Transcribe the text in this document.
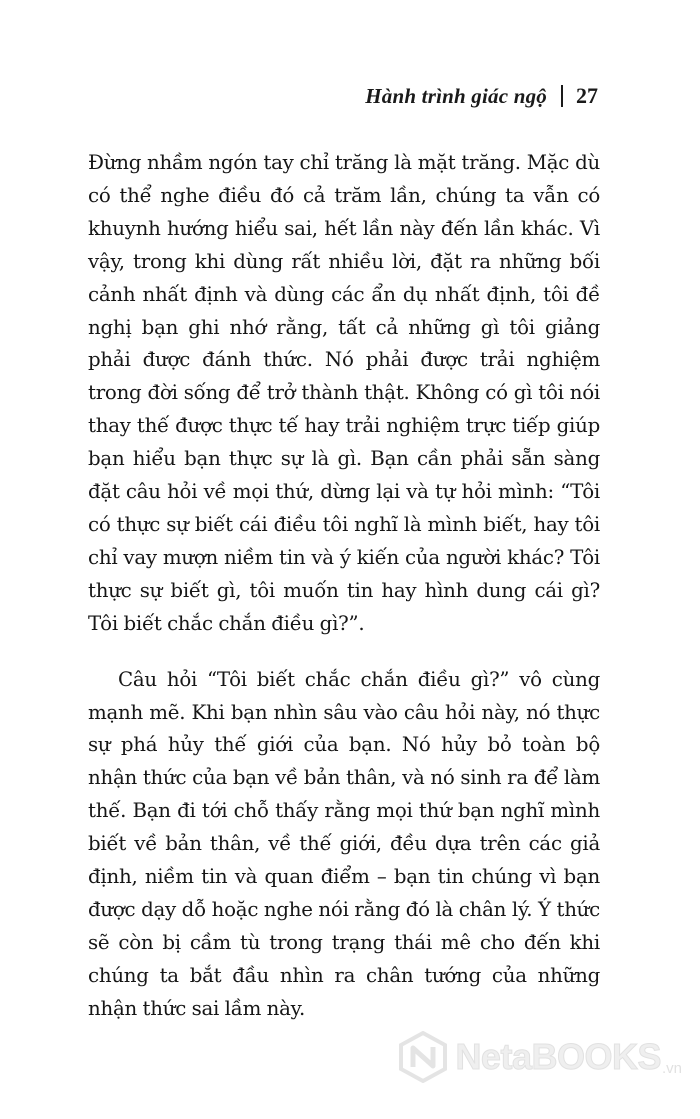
Hành trình giác ngộ 27

Đừng nhầm ngón tay chỉ trăng là mặt trăng. Mặc dù có thể nghe điều đó cả trăm lần, chúng ta vẫn có khuynh hướng hiểu sai, hết lần này đến lần khác. Vì vậy, trong khi dùng rất nhiều lời, đặt ra những bối cảnh nhất định và dùng các ẩn dụ nhất định, tôi đề nghị bạn ghi nhớ rằng, tất cả những gì tôi giảng phải được đánh thức. Nó phải được trải nghiệm trong đời sống để trở thành thật. Không có gì tôi nói thay thế được thực tế hay trải nghiệm trực tiếp giúp bạn hiểu bạn thực sự là gì. Bạn cần phải sẵn sàng đặt câu hỏi về mọi thứ, dừng lại và tự hỏi mình: “Tôi có thực sự biết cái điều tôi nghĩ là mình biết, hay tôi chỉ vay mượn niềm tin và ý kiến của người khác? Tôi thực sự biết gì, tôi muốn tin hay hình dung cái gì? Tôi biết chắc chắn điều gì?”.

Câu hỏi “Tôi biết chắc chắn điều gì?” vô cùng mạnh mẽ. Khi bạn nhìn sâu vào câu hỏi này, nó thực sự phá hủy thế giới của bạn. Nó hủy bỏ toàn bộ nhận thức của bạn về bản thân, và nó sinh ra để làm thế. Bạn đi tới chỗ thấy rằng mọi thứ bạn nghĩ mình biết về bản thân, về thế giới, đều dựa trên các giả định, niềm tin và quan điểm – bạn tin chúng vì bạn được dạy dỗ hoặc nghe nói rằng đó là chân lý. Ý thức sẽ còn bị cầm tù trong trạng thái mê cho đến khi chúng ta bắt đầu nhìn ra chân tướng của những nhận thức sai lầm này.

NetaBOOKS .vn
